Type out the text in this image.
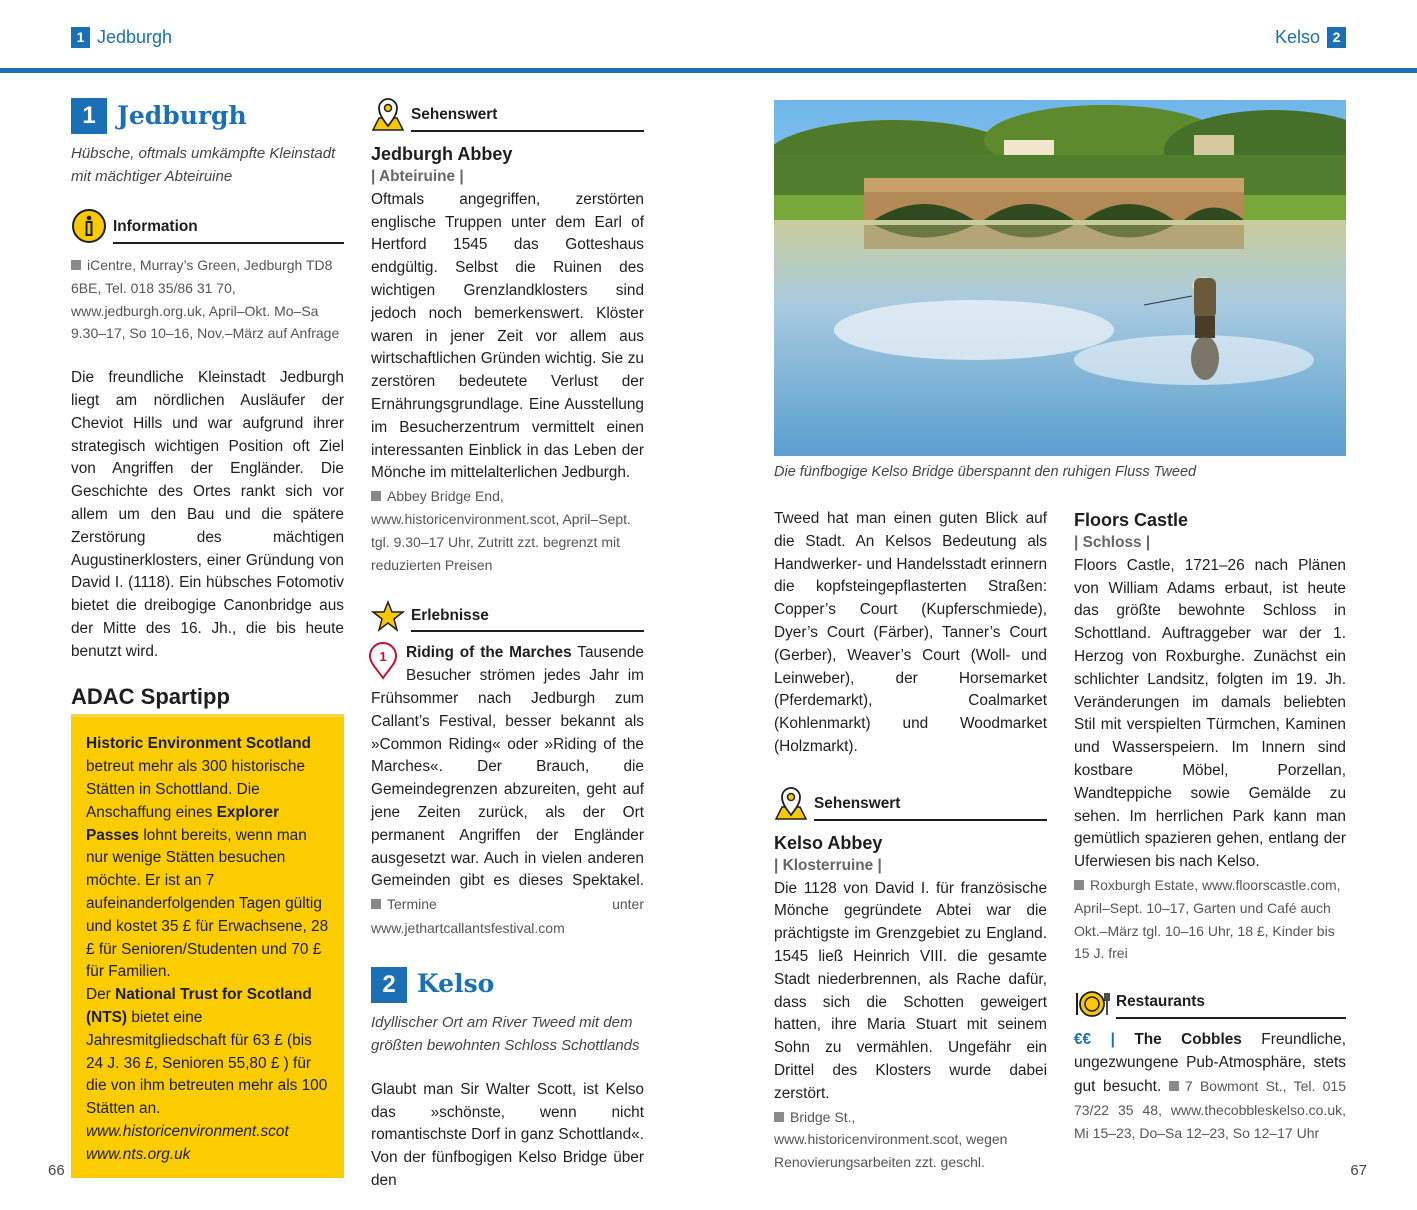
1 Jedburgh	Kelso 2
1 Jedburgh
Hübsche, oftmals umkämpfte Kleinstadt mit mächtiger Abteiruine
Information
iCentre, Murray’s Green, Jedburgh TD8 6BE, Tel. 018 35/86 31 70, www.jedburgh.org.uk, April–Okt. Mo–Sa 9.30–17, So 10–16, Nov.–März auf Anfrage
Die freundliche Kleinstadt Jedburgh liegt am nördlichen Ausläufer der Cheviot Hills und war aufgrund ihrer strategisch wichtigen Position oft Ziel von Angriffen der Engländer. Die Geschichte des Ortes rankt sich vor allem um den Bau und die spätere Zerstörung des mächtigen Augustinerklosters, einer Gründung von David I. (1118). Ein hübsches Fotomotiv bietet die dreibogige Canonbridge aus der Mitte des 16. Jh., die bis heute benutzt wird.
ADAC Spartipp
Historic Environment Scotland betreut mehr als 300 historische Stätten in Schottland. Die Anschaffung eines Explorer Passes lohnt bereits, wenn man nur wenige Stätten besuchen möchte. Er ist an 7 aufeinanderfolgenden Tagen gültig und kostet 35 £ für Erwachsene, 28 £ für Senioren/Studenten und 70 £ für Familien.
Der National Trust for Scotland (NTS) bietet eine Jahresmitgliedschaft für 63 £ (bis 24 J. 36 £, Senioren 55,80 £ ) für die von ihm betreuten mehr als 100 Stätten an.
www.historicenvironment.scot
www.nts.org.uk
Sehenswert
Jedburgh Abbey
| Abteiruine |
Oftmals angegriffen, zerstörten englische Truppen unter dem Earl of Hertford 1545 das Gotteshaus endgültig. Selbst die Ruinen des wichtigen Grenzlandklosters sind jedoch noch bemerkenswert. Klöster waren in jener Zeit vor allem aus wirtschaftlichen Gründen wichtig. Sie zu zerstören bedeutete Verlust der Ernährungsgrundlage. Eine Ausstellung im Besucherzentrum vermittelt einen interessanten Einblick in das Leben der Mönche im mittelalterlichen Jedburgh.
Abbey Bridge End, www.historicenvironment.scot, April–Sept. tgl. 9.30–17 Uhr, Zutritt zzt. begrenzt mit reduzierten Preisen
Erlebnisse
1 Riding of the Marches Tausende Besucher strömen jedes Jahr im Frühsommer nach Jedburgh zum Callant’s Festival, besser bekannt als »Common Riding« oder »Riding of the Marches«. Der Brauch, die Gemeindegrenzen abzureiten, geht auf jene Zeiten zurück, als der Ort permanent Angriffen der Engländer ausgesetzt war. Auch in vielen anderen Gemeinden gibt es dieses Spektakel. Termine unter www.jethartcallantsfestival.com
2 Kelso
Idyllischer Ort am River Tweed mit dem größten bewohnten Schloss Schottlands
Glaubt man Sir Walter Scott, ist Kelso das »schönste, wenn nicht romantischste Dorf in ganz Schottland«. Von der fünfbogigen Kelso Bridge über den
Die fünfbogige Kelso Bridge überspannt den ruhigen Fluss Tweed
Tweed hat man einen guten Blick auf die Stadt. An Kelsos Bedeutung als Handwerker- und Handelsstadt erinnern die kopfsteingepflasterten Straßen: Copper’s Court (Kupferschmiede), Dyer’s Court (Färber), Tanner’s Court (Gerber), Weaver’s Court (Woll- und Leinweber), der Horsemarket (Pferdemarkt), Coalmarket (Kohlenmarkt) und Woodmarket (Holzmarkt).
Sehenswert
Kelso Abbey
| Klosterruine |
Die 1128 von David I. für französische Mönche gegründete Abtei war die prächtigste im Grenzgebiet zu England. 1545 ließ Heinrich VIII. die gesamte Stadt niederbrennen, als Rache dafür, dass sich die Schotten geweigert hatten, ihre Maria Stuart mit seinem Sohn zu vermählen. Ungefähr ein Drittel des Klosters wurde dabei zerstört.
Bridge St., www.historicenvironment.scot, wegen Renovierungsarbeiten zzt. geschl.
Floors Castle
| Schloss |
Floors Castle, 1721–26 nach Plänen von William Adams erbaut, ist heute das größte bewohnte Schloss in Schottland. Auftraggeber war der 1. Herzog von Roxburghe. Zunächst ein schlichter Landsitz, folgten im 19. Jh. Veränderungen im damals beliebten Stil mit verspielten Türmchen, Kaminen und Wasserspeiern. Im Innern sind kostbare Möbel, Porzellan, Wandteppiche sowie Gemälde zu sehen. Im herrlichen Park kann man gemütlich spazieren gehen, entlang der Uferwiesen bis nach Kelso.
Roxburgh Estate, www.floorscastle.com, April–Sept. 10–17, Garten und Café auch Okt.–März tgl. 10–16 Uhr, 18 £, Kinder bis 15 J. frei
Restaurants
€€ | The Cobbles Freundliche, ungezwungene Pub-Atmosphäre, stets gut besucht. 7 Bowmont St., Tel. 015 73/22 35 48, www.thecobbleskelso.co.uk, Mi 15–23, Do–Sa 12–23, So 12–17 Uhr
66	67
